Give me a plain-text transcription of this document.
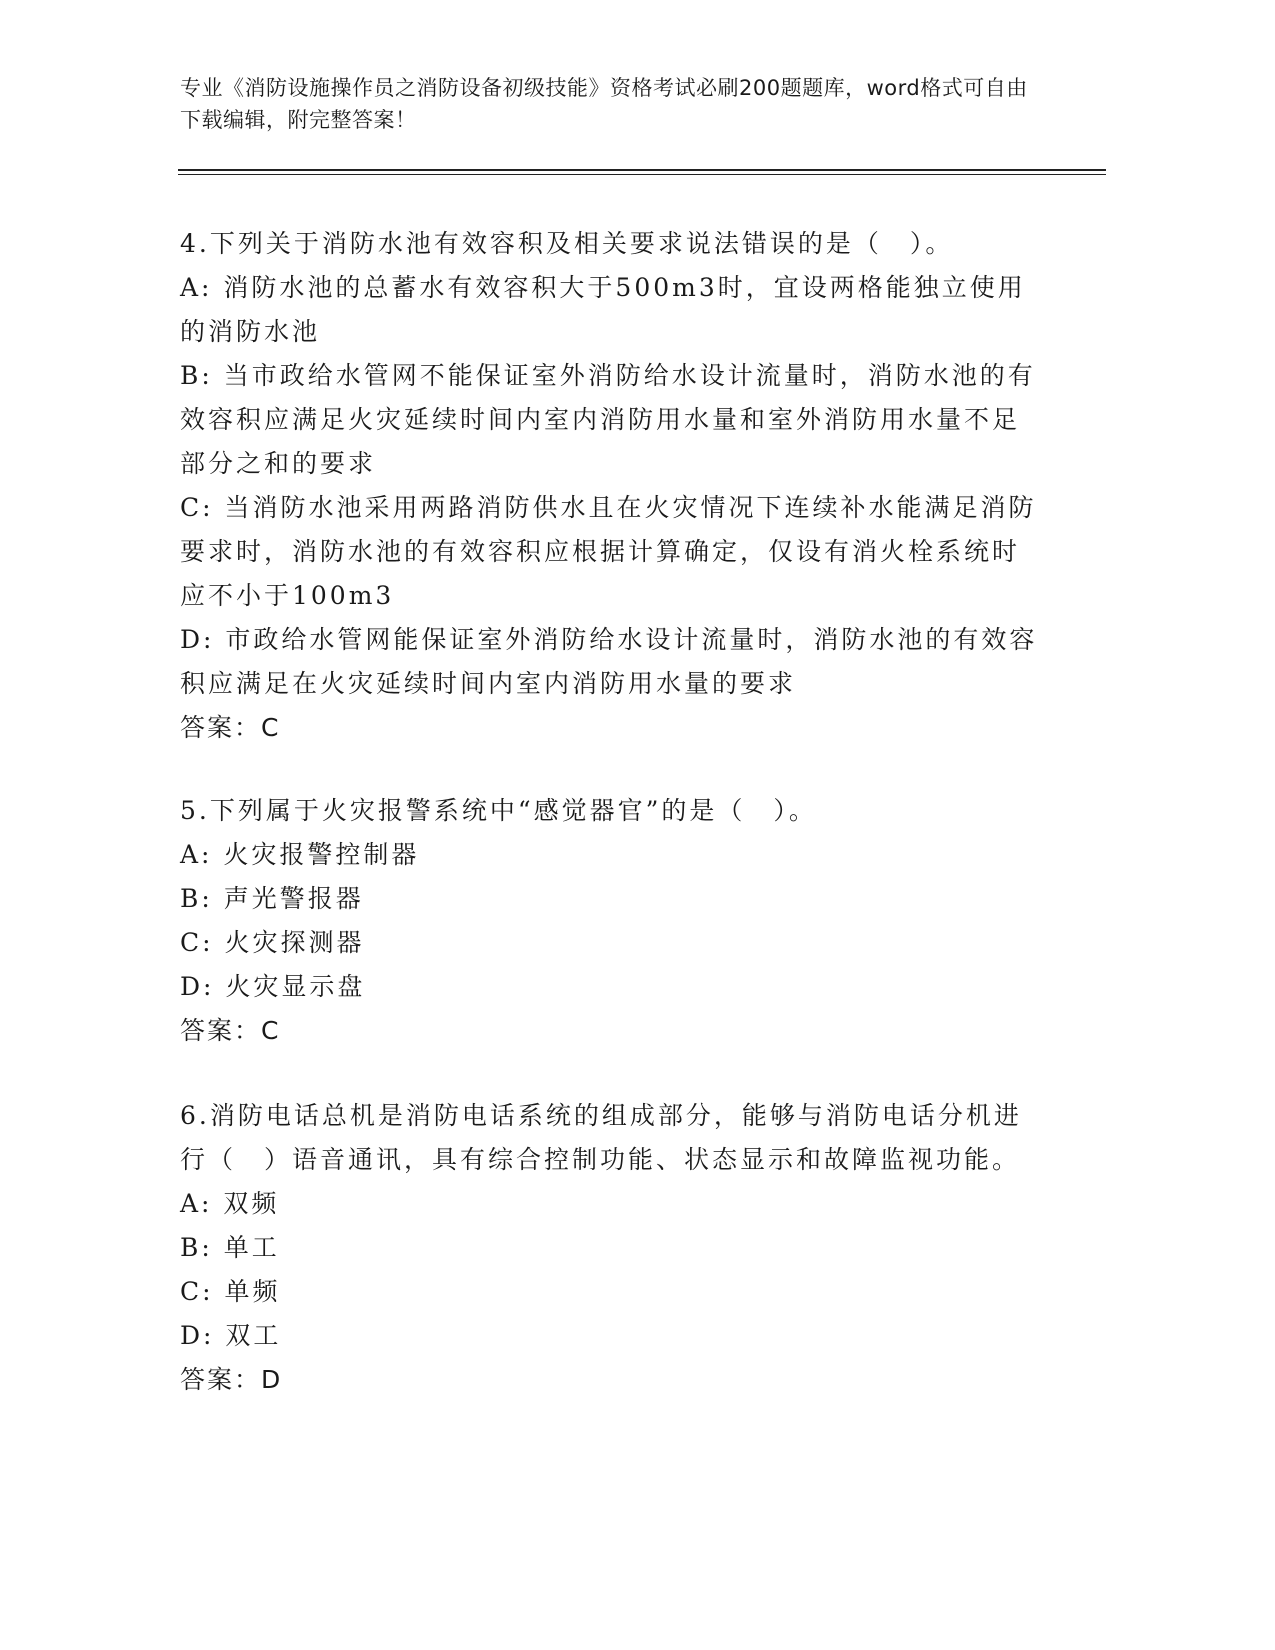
专业《消防设施操作员之消防设备初级技能》资格考试必刷200题题库，word格式可自由下载编辑，附完整答案！
4.下列关于消防水池有效容积及相关要求说法错误的是（　）。
A: 消防水池的总蓄水有效容积大于500m3时，宜设两格能独立使用的消防水池
B: 当市政给水管网不能保证室外消防给水设计流量时，消防水池的有效容积应满足火灾延续时间内室内消防用水量和室外消防用水量不足部分之和的要求
C: 当消防水池采用两路消防供水且在火灾情况下连续补水能满足消防要求时，消防水池的有效容积应根据计算确定，仅设有消火栓系统时应不小于100m3
D: 市政给水管网能保证室外消防给水设计流量时，消防水池的有效容积应满足在火灾延续时间内室内消防用水量的要求
答案：C
5.下列属于火灾报警系统中“感觉器官”的是（　）。
A: 火灾报警控制器
B: 声光警报器
C: 火灾探测器
D: 火灾显示盘
答案：C
6.消防电话总机是消防电话系统的组成部分，能够与消防电话分机进行（　）语音通讯，具有综合控制功能、状态显示和故障监视功能。
A: 双频
B: 单工
C: 单频
D: 双工
答案：D
